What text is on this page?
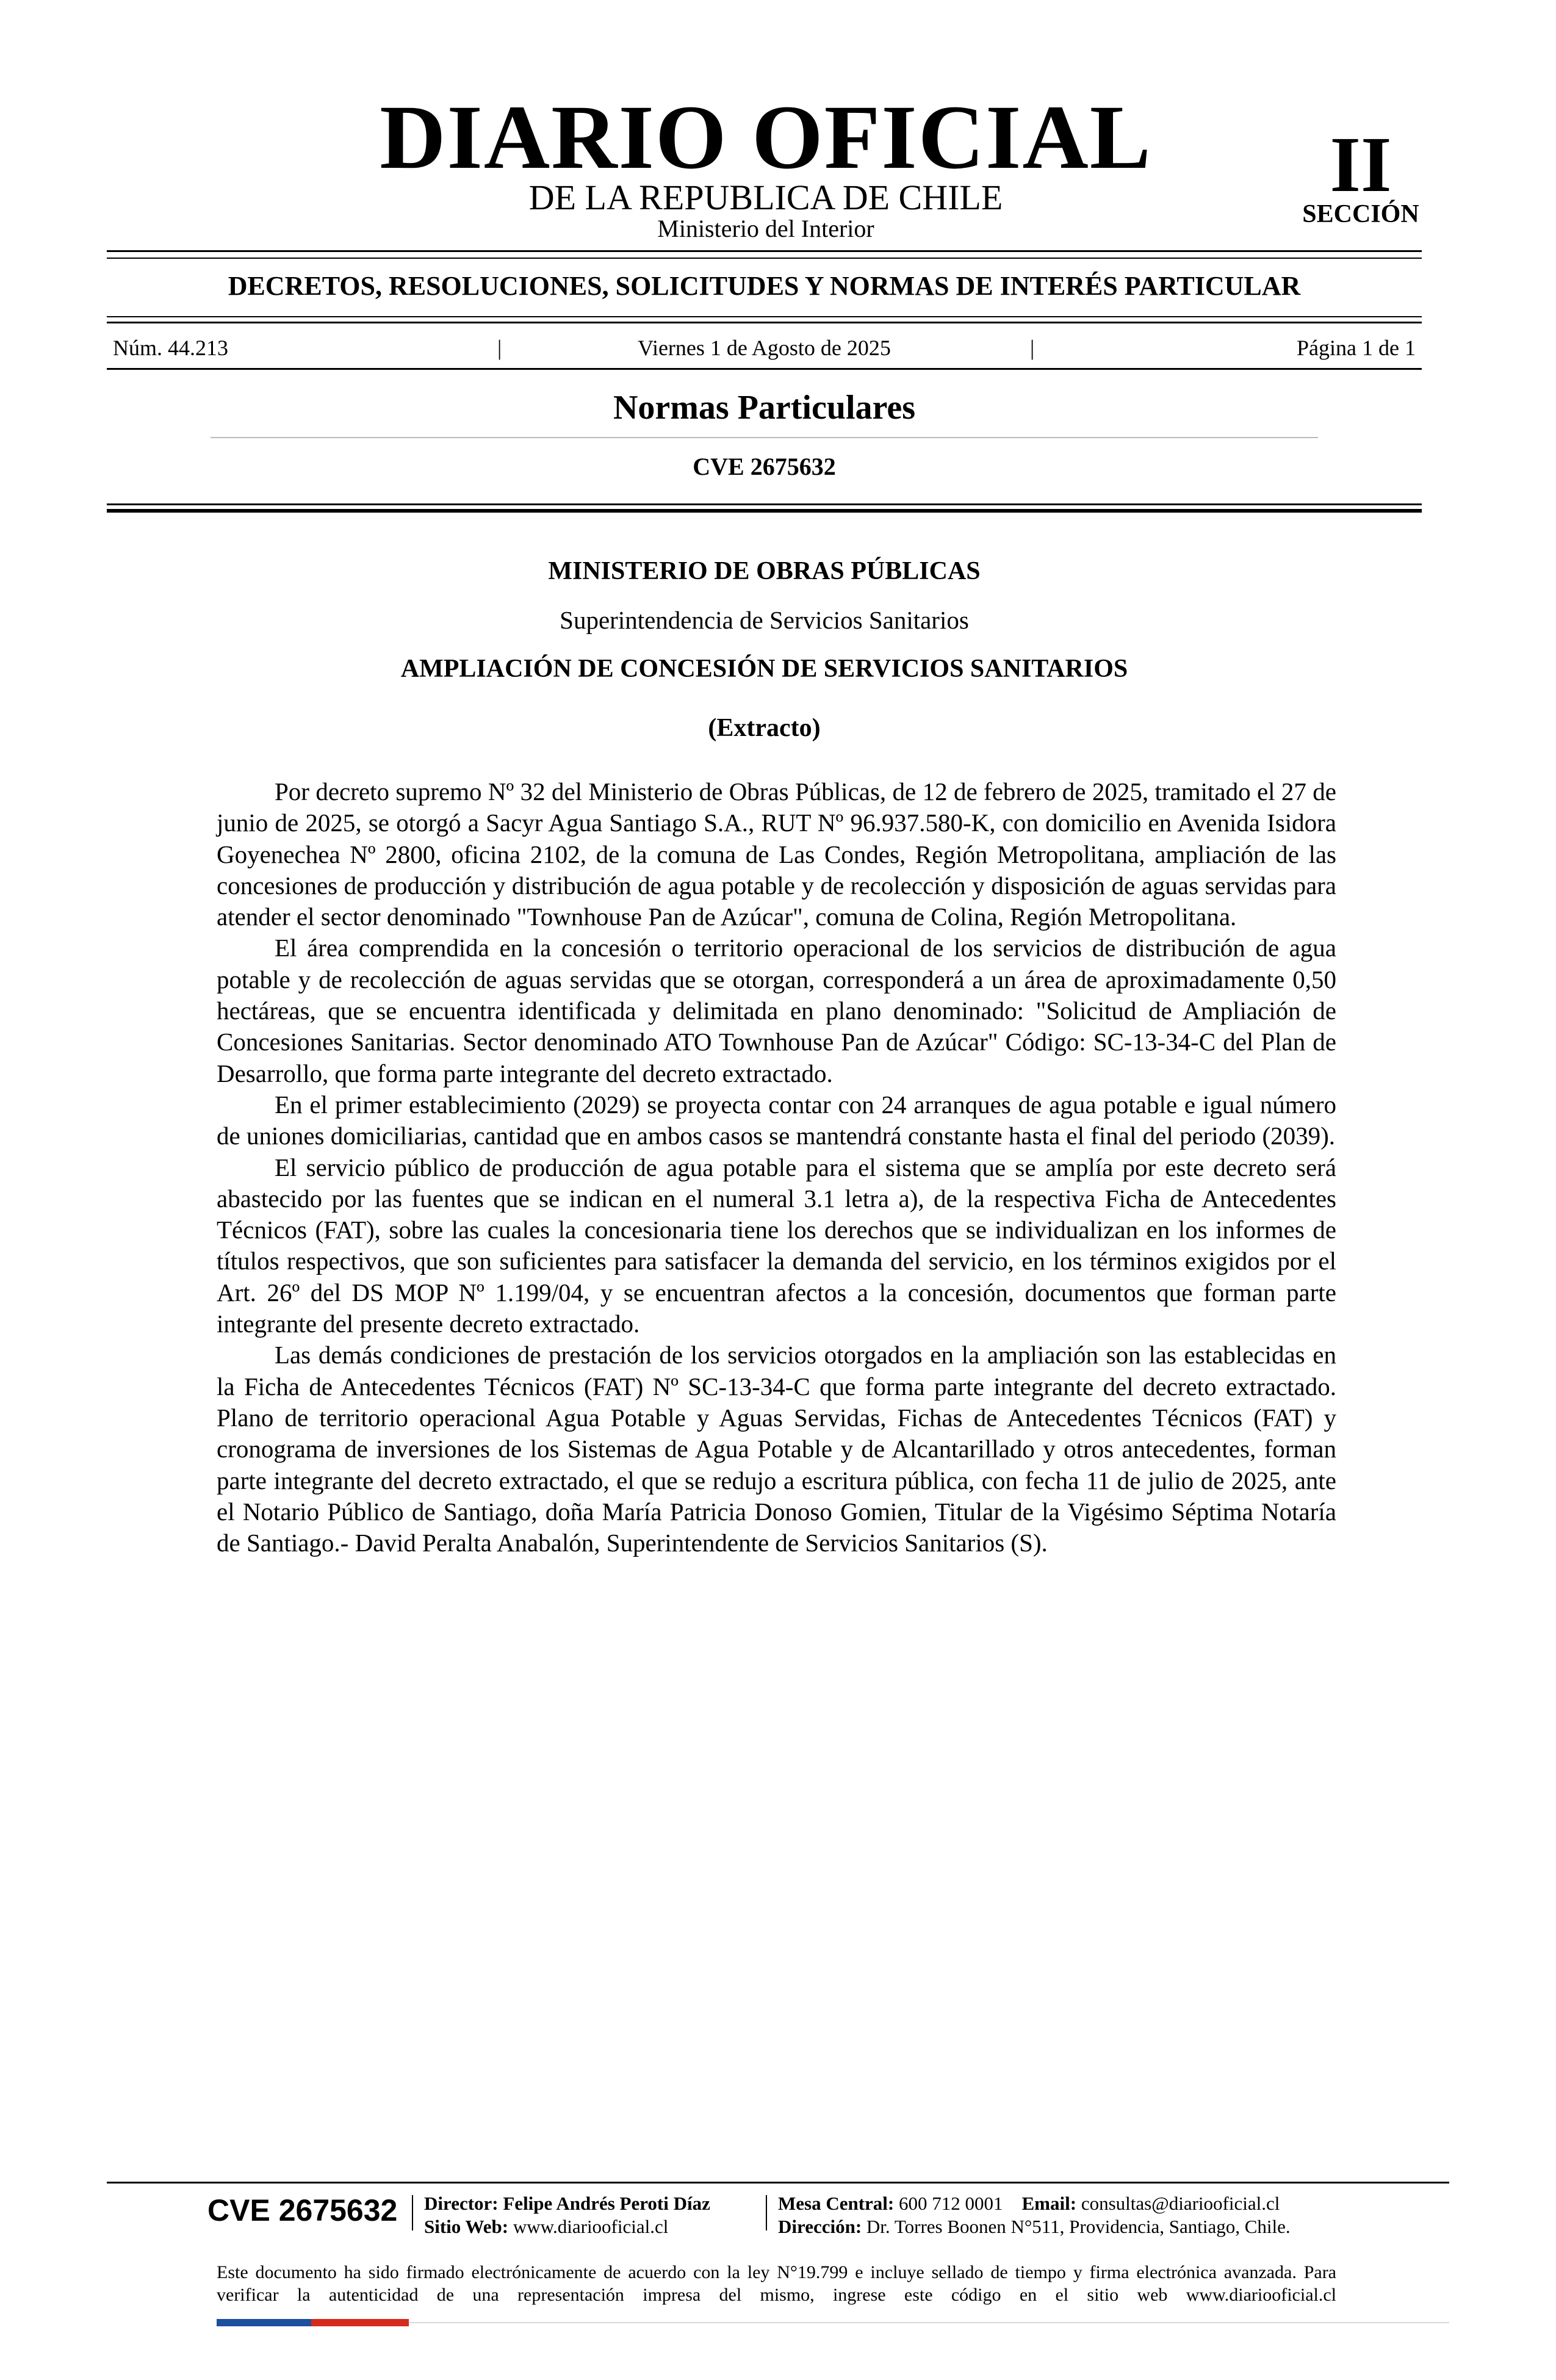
DIARIO OFICIAL
DE LA REPUBLICA DE CHILE
Ministerio del Interior
II
SECCIÓN
DECRETOS, RESOLUCIONES, SOLICITUDES Y NORMAS DE INTERÉS PARTICULAR
Núm. 44.213	|	Viernes 1 de Agosto de 2025	|	Página 1 de 1
Normas Particulares
CVE 2675632
MINISTERIO DE OBRAS PÚBLICAS
Superintendencia de Servicios Sanitarios
AMPLIACIÓN DE CONCESIÓN DE SERVICIOS SANITARIOS
(Extracto)

Por decreto supremo Nº 32 del Ministerio de Obras Públicas, de 12 de febrero de 2025, tramitado el 27 de junio de 2025, se otorgó a Sacyr Agua Santiago S.A., RUT Nº 96.937.580-K, con domicilio en Avenida Isidora Goyenechea Nº 2800, oficina 2102, de la comuna de Las Condes, Región Metropolitana, ampliación de las concesiones de producción y distribución de agua potable y de recolección y disposición de aguas servidas para atender el sector denominado "Townhouse Pan de Azúcar", comuna de Colina, Región Metropolitana.

El área comprendida en la concesión o territorio operacional de los servicios de distribución de agua potable y de recolección de aguas servidas que se otorgan, corresponderá a un área de aproximadamente 0,50 hectáreas, que se encuentra identificada y delimitada en plano denominado: "Solicitud de Ampliación de Concesiones Sanitarias. Sector denominado ATO Townhouse Pan de Azúcar" Código: SC-13-34-C del Plan de Desarrollo, que forma parte integrante del decreto extractado.

En el primer establecimiento (2029) se proyecta contar con 24 arranques de agua potable e igual número de uniones domiciliarias, cantidad que en ambos casos se mantendrá constante hasta el final del periodo (2039).

El servicio público de producción de agua potable para el sistema que se amplía por este decreto será abastecido por las fuentes que se indican en el numeral 3.1 letra a), de la respectiva Ficha de Antecedentes Técnicos (FAT), sobre las cuales la concesionaria tiene los derechos que se individualizan en los informes de títulos respectivos, que son suficientes para satisfacer la demanda del servicio, en los términos exigidos por el Art. 26º del DS MOP Nº 1.199/04, y se encuentran afectos a la concesión, documentos que forman parte integrante del presente decreto extractado.

Las demás condiciones de prestación de los servicios otorgados en la ampliación son las establecidas en la Ficha de Antecedentes Técnicos (FAT) Nº SC-13-34-C que forma parte integrante del decreto extractado. Plano de territorio operacional Agua Potable y Aguas Servidas, Fichas de Antecedentes Técnicos (FAT) y cronograma de inversiones de los Sistemas de Agua Potable y de Alcantarillado y otros antecedentes, forman parte integrante del decreto extractado, el que se redujo a escritura pública, con fecha 11 de julio de 2025, ante el Notario Público de Santiago, doña María Patricia Donoso Gomien, Titular de la Vigésimo Séptima Notaría de Santiago.- David Peralta Anabalón, Superintendente de Servicios Sanitarios (S).

CVE 2675632 Director: Felipe Andrés Peroti Díaz
Sitio Web: www.diariooficial.cl
Mesa Central: 600 712 0001 Email: consultas@diariooficial.cl
Dirección: Dr. Torres Boonen N°511, Providencia, Santiago, Chile.
Este documento ha sido firmado electrónicamente de acuerdo con la ley N°19.799 e incluye sellado de tiempo y firma electrónica avanzada. Para verificar la autenticidad de una representación impresa del mismo, ingrese este código en el sitio web www.diariooficial.cl
